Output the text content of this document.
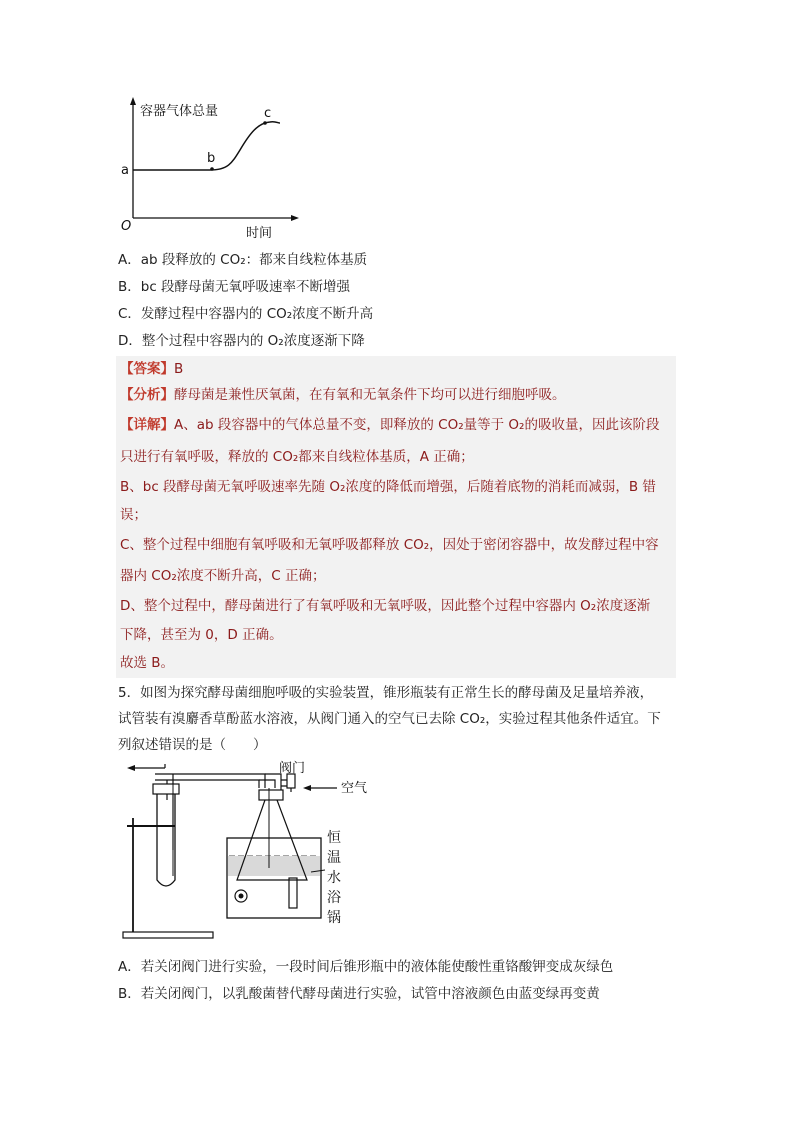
容器气体总量
时间
O
a
b
c
A．ab 段释放的 CO₂：都来自线粒体基质
B．bc 段酵母菌无氧呼吸速率不断增强
C．发酵过程中容器内的 CO₂浓度不断升高
D．整个过程中容器内的 O₂浓度逐渐下降
【答案】B
【分析】酵母菌是兼性厌氧菌，在有氧和无氧条件下均可以进行细胞呼吸。
【详解】A、ab 段容器中的气体总量不变，即释放的 CO₂量等于 O₂的吸收量，因此该阶段
只进行有氧呼吸，释放的 CO₂都来自线粒体基质，A 正确；
B、bc 段酵母菌无氧呼吸速率先随 O₂浓度的降低而增强，后随着底物的消耗而减弱，B 错
误；
C、整个过程中细胞有氧呼吸和无氧呼吸都释放 CO₂，因处于密闭容器中，故发酵过程中容
器内 CO₂浓度不断升高，C 正确；
D、整个过程中，酵母菌进行了有氧呼吸和无氧呼吸，因此整个过程中容器内 O₂浓度逐渐
下降，甚至为 0，D 正确。
故选 B。
5．如图为探究酵母菌细胞呼吸的实验装置，锥形瓶装有正常生长的酵母菌及足量培养液，
试管装有溴麝香草酚蓝水溶液，从阀门通入的空气已去除 CO₂，实验过程其他条件适宜。下
列叙述错误的是（　　）
阀门
空气
恒
温
水
浴
锅
A．若关闭阀门进行实验，一段时间后锥形瓶中的液体能使酸性重铬酸钾变成灰绿色
B．若关闭阀门，以乳酸菌替代酵母菌进行实验，试管中溶液颜色由蓝变绿再变黄
